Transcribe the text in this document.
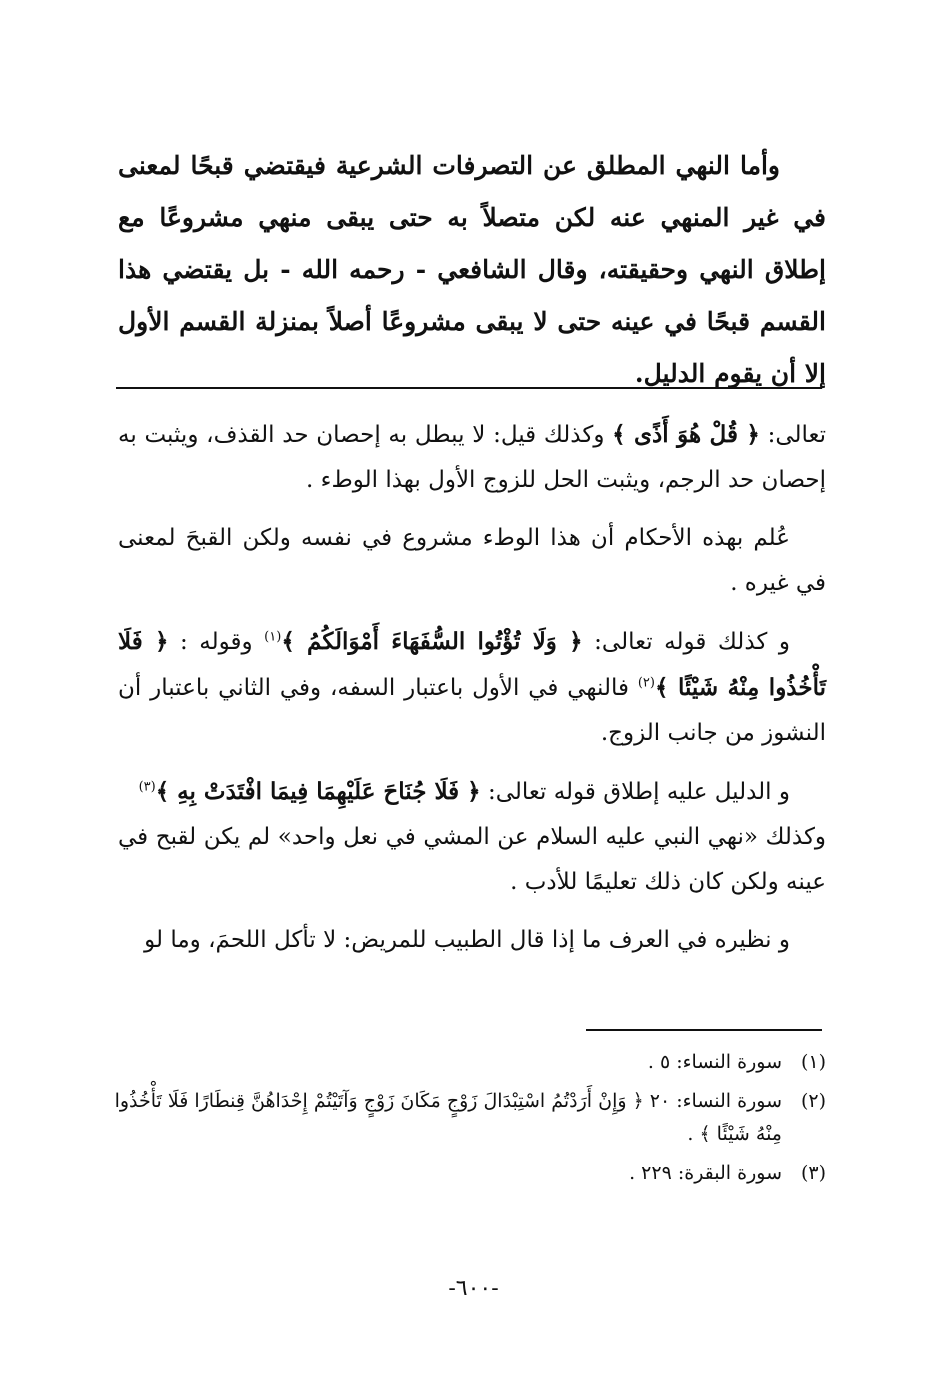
وأما النهي المطلق عن التصرفات الشرعية فيقتضي قبحًا لمعنى في غير المنهي عنه لكن متصلاً به حتى يبقى منهي مشروعًا مع إطلاق النهي وحقيقته، وقال الشافعي - رحمه الله - بل يقتضي هذا القسم قبحًا في عينه حتى لا يبقى مشروعًا أصلاً بمنزلة القسم الأول إلا أن يقوم الدليل.

تعالى: ﴿ قُلْ هُوَ أَذًى ﴾ وكذلك قيل: لا يبطل به إحصان حد القذف، ويثبت به إحصان حد الرجم، ويثبت الحل للزوج الأول بهذا الوطء .

عُلم بهذه الأحكام أن هذا الوطء مشروع في نفسه ولكن القبحَ لمعنى في غيره .

و كذلك قوله تعالى: ﴿ وَلَا تُؤْتُوا السُّفَهَاءَ أَمْوَالَكُمُ ﴾$^{(١)}$ وقوله : ﴿ فَلَا تَأْخُذُوا مِنْهُ شَيْئًا ﴾$^{(٢)}$ فالنهي في الأول باعتبار السفه، وفي الثاني باعتبار أن النشوز من جانب الزوج.

و الدليل عليه إطلاق قوله تعالى: ﴿ فَلَا جُنَاحَ عَلَيْهِمَا فِيمَا افْتَدَتْ بِهِ ﴾$^{(٣)}$
وكذلك «نهي النبي عليه السلام عن المشي في نعل واحد» لم يكن لقبح في عينه ولكن كان ذلك تعليمًا للأدب .

و نظيره في العرف ما إذا قال الطبيب للمريض: لا تأكل اللحمَ، وما لو

(١)
سورة النساء: ٥ .
(٢)
سورة النساء: ٢٠ ﴿ وَإِنْ أَرَدْتُمُ اسْتِبْدَالَ زَوْجٍ مَكَانَ زَوْجٍ وَآتَيْتُمْ إِحْدَاهُنَّ قِنطَارًا فَلَا تَأْخُذُوا مِنْهُ شَيْئًا ﴾ .
(٣)
سورة البقرة: ٢٢٩ .
-٦٠٠-
